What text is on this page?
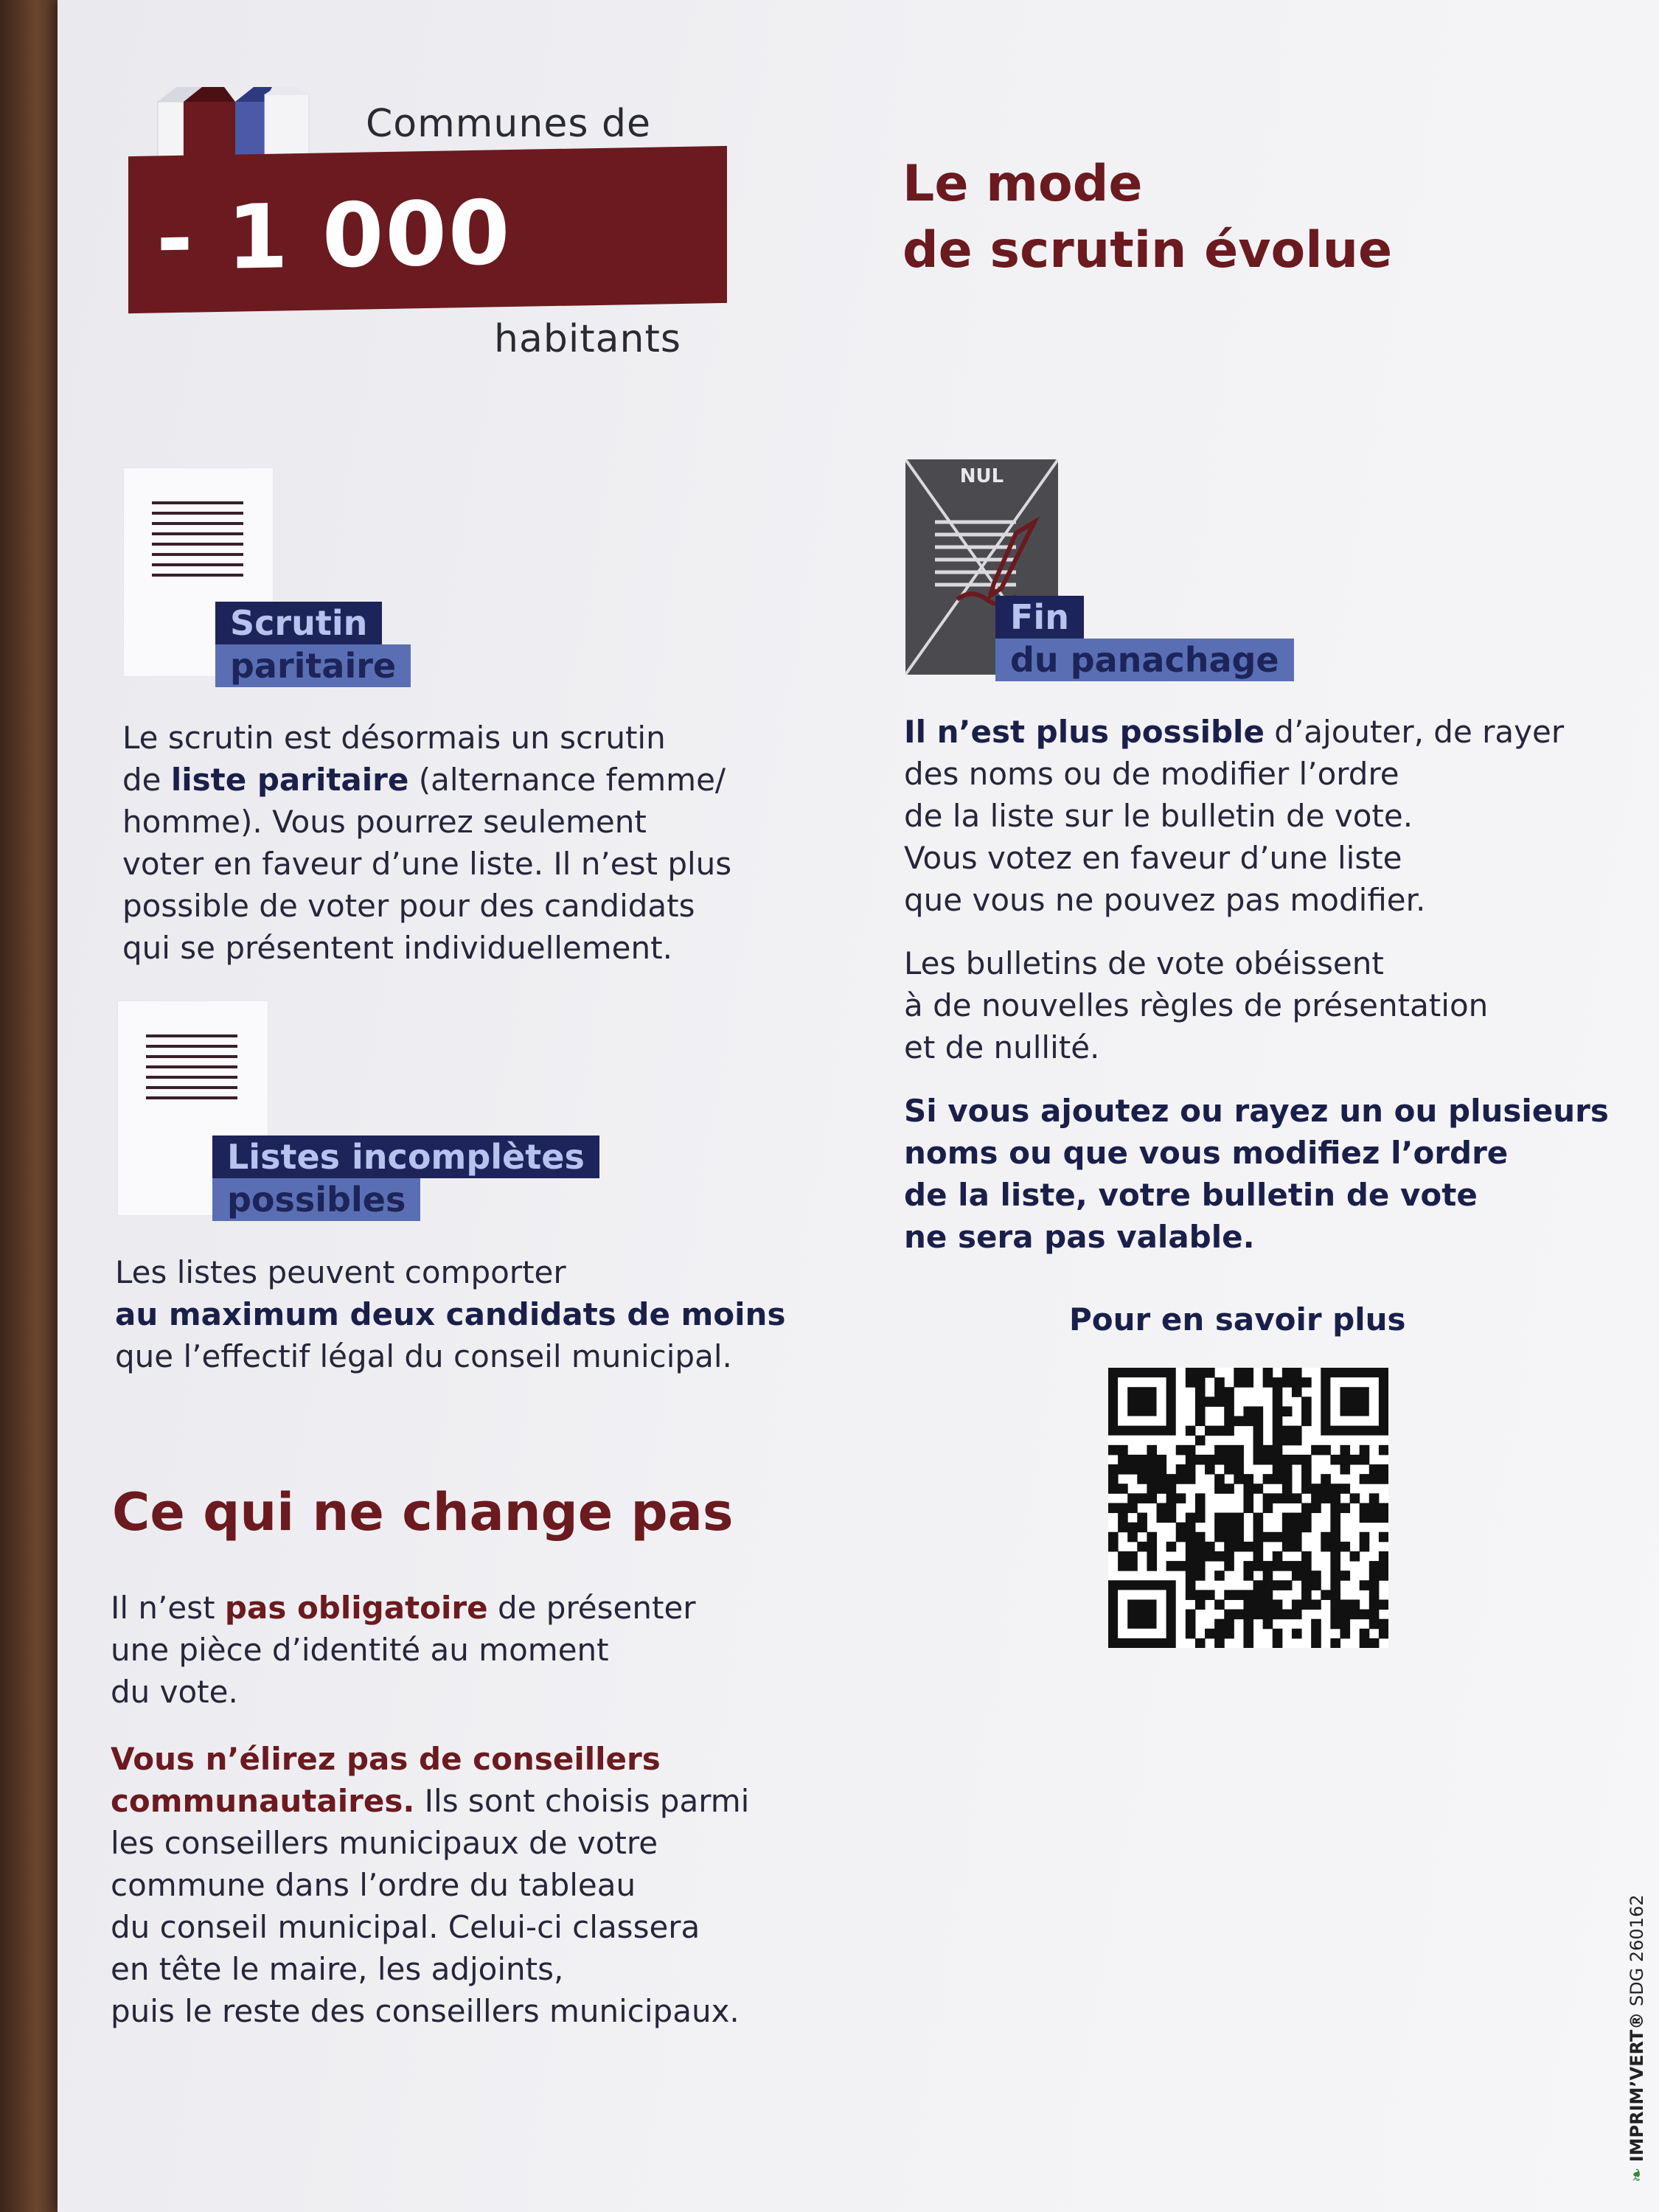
Communes de
- 1 000
habitants
Le mode
de scrutin évolue
Scrutin
paritaire
Le scrutin est désormais un scrutin
de liste paritaire (alternance femme/
homme). Vous pourrez seulement
voter en faveur d’une liste. Il n’est plus
possible de voter pour des candidats
qui se présentent individuellement.
Listes incomplètes
possibles
Les listes peuvent comporter
au maximum deux candidats de moins
que l’effectif légal du conseil municipal.
NUL
Fin
du panachage
Il n’est plus possible d’ajouter, de rayer
des noms ou de modifier l’ordre
de la liste sur le bulletin de vote.
Vous votez en faveur d’une liste
que vous ne pouvez pas modifier.
Les bulletins de vote obéissent
à de nouvelles règles de présentation
et de nullité.
Si vous ajoutez ou rayez un ou plusieurs
noms ou que vous modifiez l’ordre
de la liste, votre bulletin de vote
ne sera pas valable.
Pour en savoir plus
Ce qui ne change pas
Il n’est pas obligatoire de présenter
une pièce d’identité au moment
du vote.
Vous n’élirez pas de conseillers
communautaires. Ils sont choisis parmi
les conseillers municipaux de votre
commune dans l’ordre du tableau
du conseil municipal. Celui-ci classera
en tête le maire, les adjoints,
puis le reste des conseillers municipaux.
❧ IMPRIM’VERT® SDG 260162
